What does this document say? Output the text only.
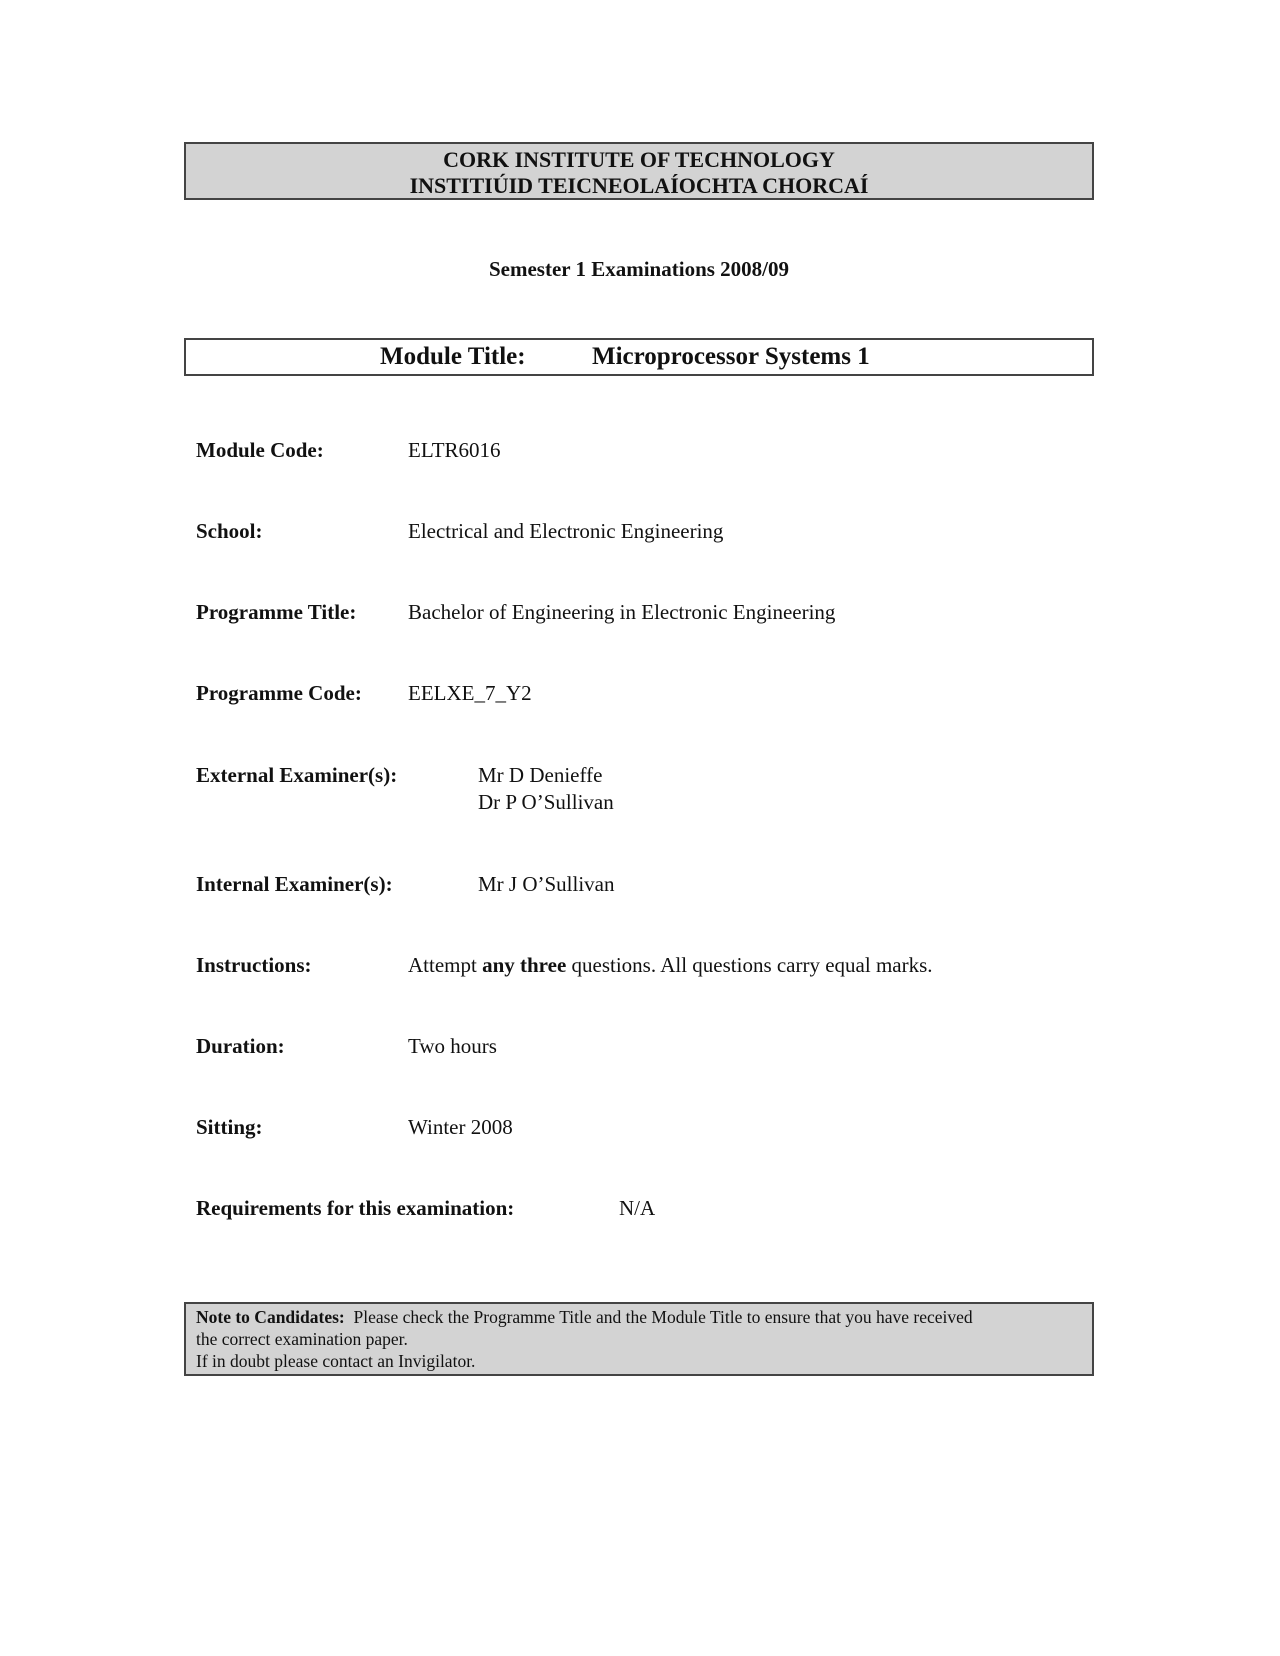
CORK INSTITUTE OF TECHNOLOGY
INSTITIÚID TEICNEOLAÍOCHTA CHORCAÍ
Semester 1 Examinations 2008/09
Module Title:	Microprocessor Systems 1
Module Code:	ELTR6016
School:	Electrical and Electronic Engineering
Programme Title: Bachelor of Engineering in Electronic Engineering
Programme Code: EELXE_7_Y2
External Examiner(s):	Mr D Denieffe
Dr P O’Sullivan
Internal Examiner(s):	Mr J O’Sullivan
Instructions:	Attempt any three questions. All questions carry equal marks.
Duration:	Two hours
Sitting:	Winter 2008
Requirements for this examination:	N/A
Note to Candidates:  Please check the Programme Title and the Module Title to ensure that you have received
the correct examination paper.
If in doubt please contact an Invigilator.
